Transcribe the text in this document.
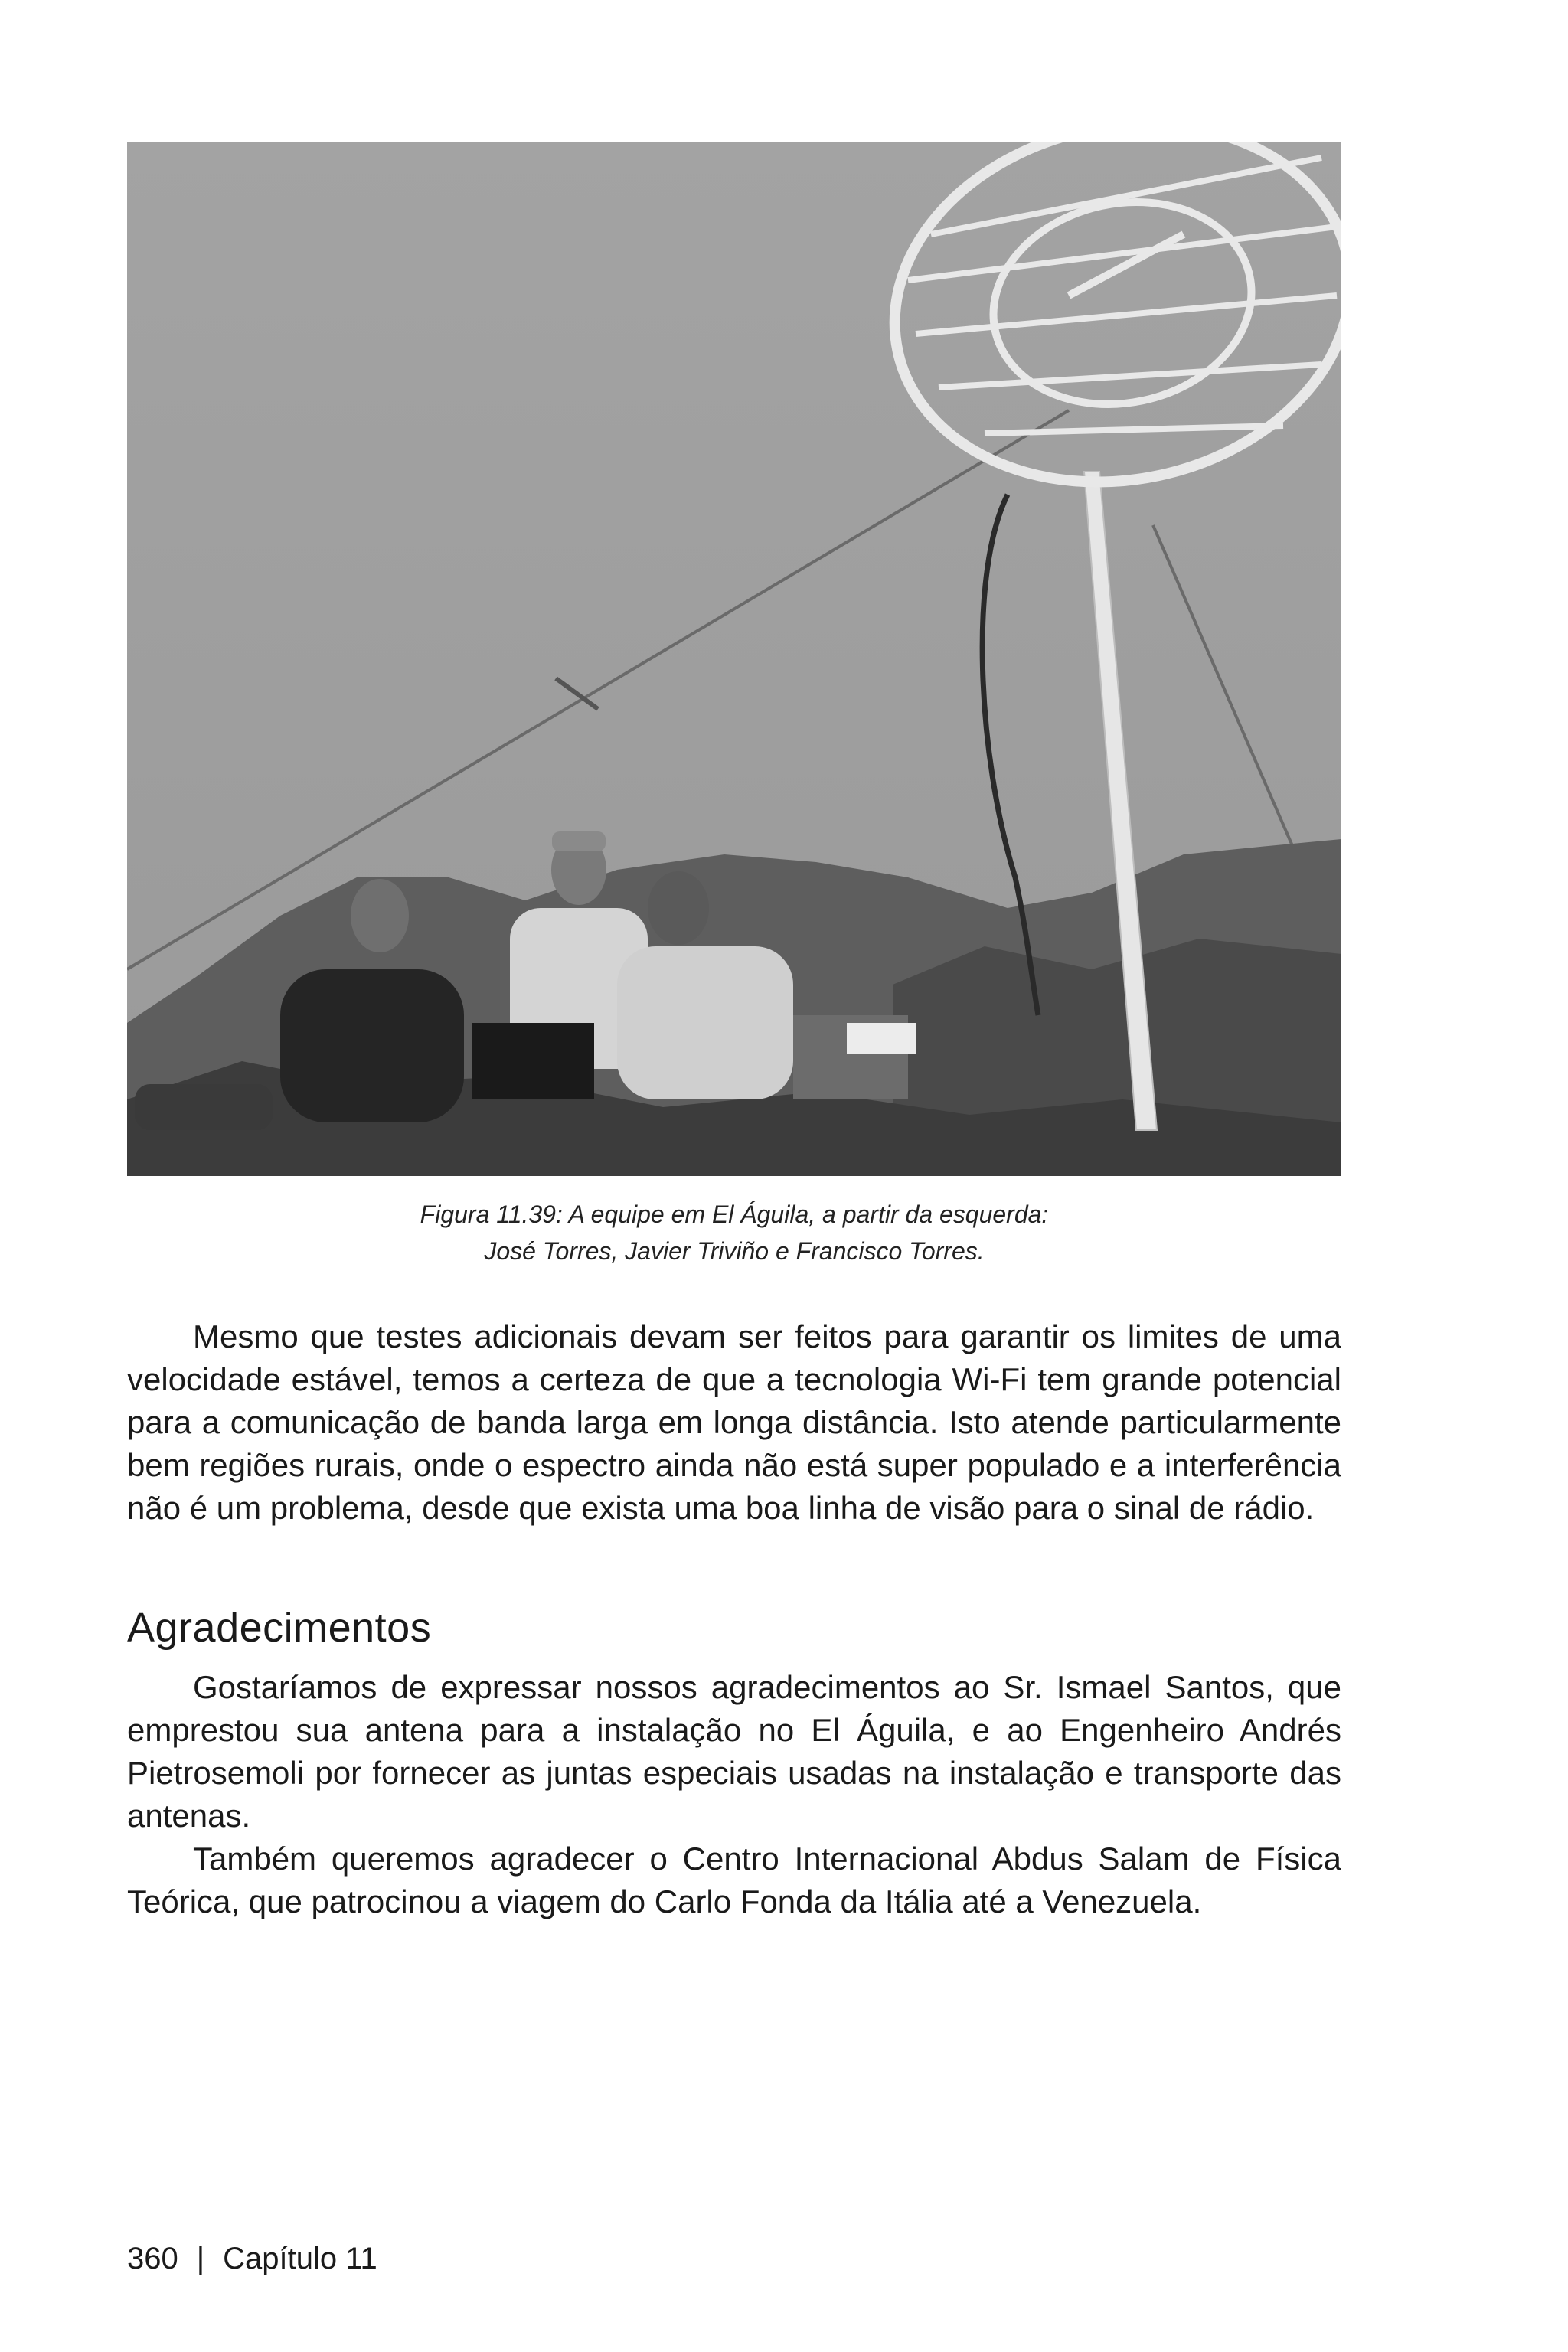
Figura 11.39: A equipe em El Águila, a partir da esquerda:
José Torres, Javier Triviño e Francisco Torres.

Mesmo que testes adicionais devam ser feitos para garantir os limites de uma velocidade estável, temos a certeza de que a tecnologia Wi-Fi tem grande potencial para a comunicação de banda larga em longa distância. Isto atende particularmente bem regiões rurais, onde o espectro ainda não está super populado e a interferência não é um problema, desde que exista uma boa linha de visão para o sinal de rádio.

Agradecimentos

Gostaríamos de expressar nossos agradecimentos ao Sr. Ismael Santos, que emprestou sua antena para a instalação no El Águila, e ao Engenheiro Andrés Pietrosemoli por fornecer as juntas especiais usadas na instalação e transporte das antenas.

Também queremos agradecer o Centro Internacional Abdus Salam de Física Teórica, que patrocinou a viagem do Carlo Fonda da Itália até a Venezuela.

360 | Capítulo 11
